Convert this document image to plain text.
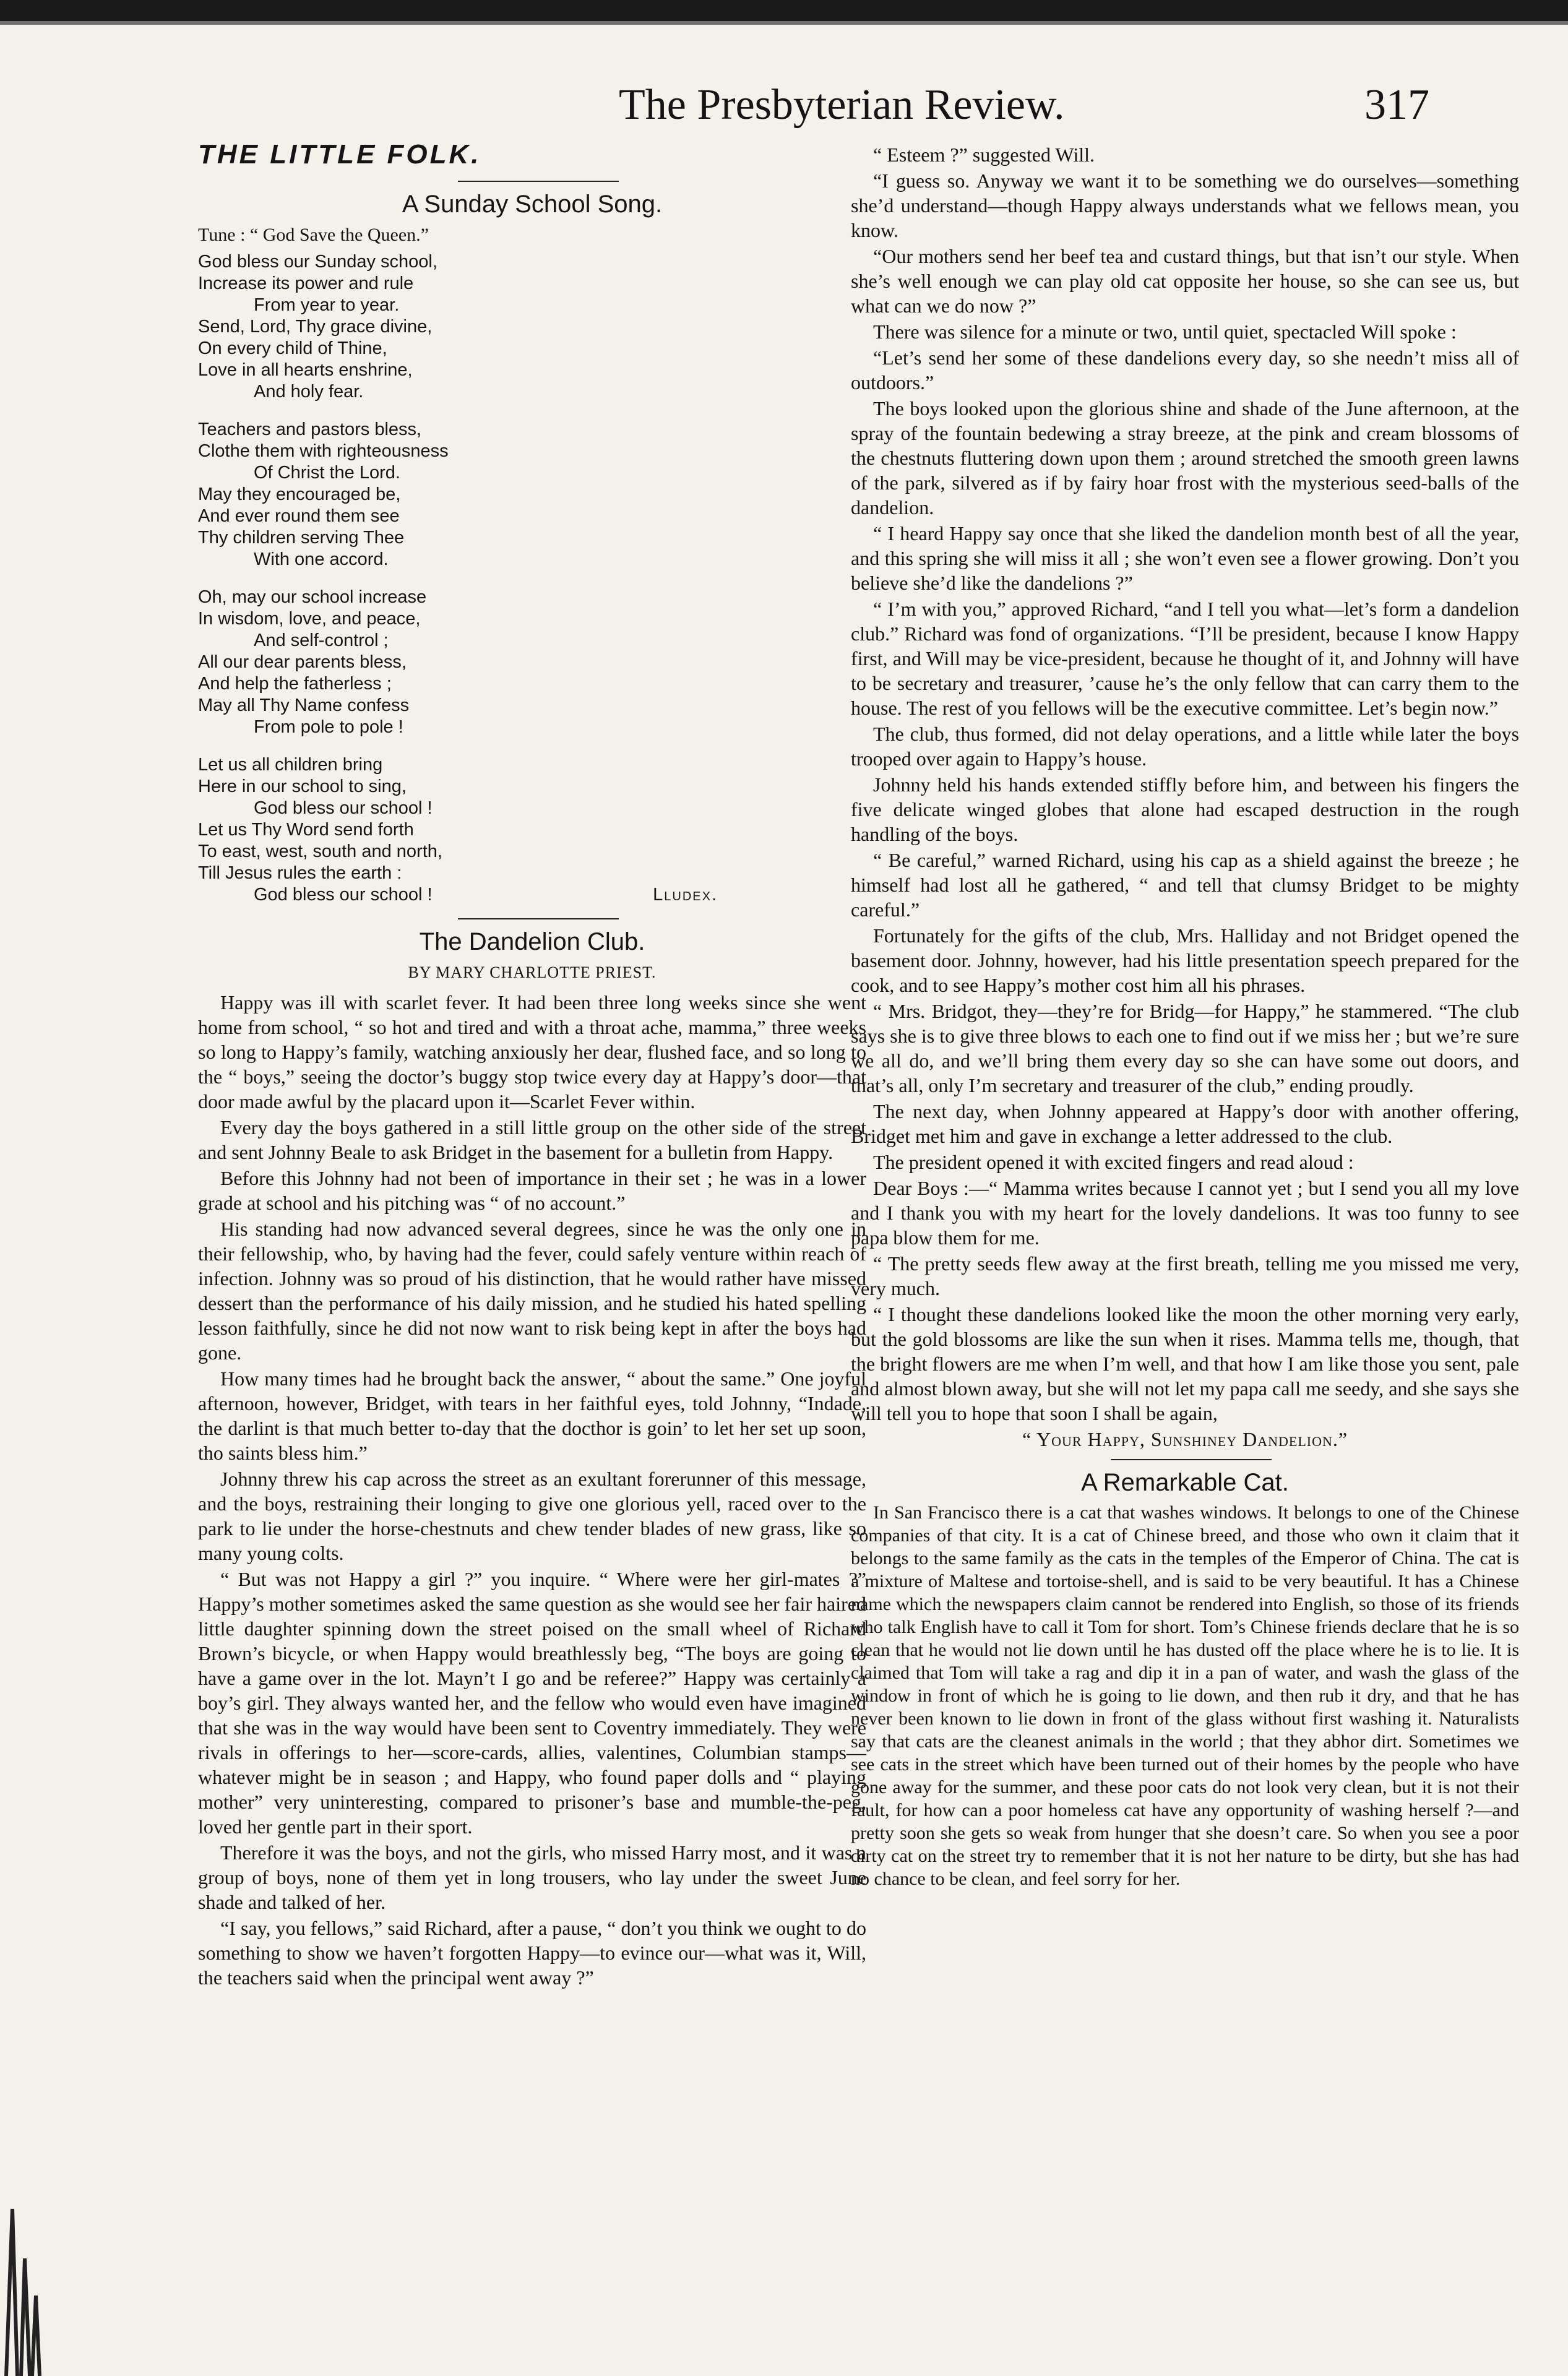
The Presbyterian Review.	317
THE LITTLE FOLK.
A Sunday School Song.
Tune : “ God Save the Queen.”
God bless our Sunday school,
Increase its power and rule
From year to year.
Send, Lord, Thy grace divine,
On every child of Thine,
Love in all hearts enshrine,
And holy fear.
Teachers and pastors bless,
Clothe them with righteousness
Of Christ the Lord.
May they encouraged be,
And ever round them see
Thy children serving Thee
With one accord.
Oh, may our school increase
In wisdom, love, and peace,
And self-control ;
All our dear parents bless,
And help the fatherless ;
May all Thy Name confess
From pole to pole !
Let us all children bring
Here in our school to sing,
God bless our school !
Let us Thy Word send forth
To east, west, south and north,
Till Jesus rules the earth :
God bless our school !	Lludex.
The Dandelion Club.
BY MARY CHARLOTTE PRIEST.

Happy was ill with scarlet fever. It had been three long weeks since she went home from school, “ so hot and tired and with a throat ache, mamma,” three weeks so long to Happy’s family, watching anxiously her dear, flushed face, and so long to the “ boys,” seeing the doctor’s buggy stop twice every day at Happy’s door—that door made awful by the placard upon it—Scarlet Fever within.

Every day the boys gathered in a still little group on the other side of the street and sent Johnny Beale to ask Bridget in the basement for a bulletin from Happy.

Before this Johnny had not been of importance in their set ; he was in a lower grade at school and his pitching was “ of no account.”

His standing had now advanced several degrees, since he was the only one in their fellowship, who, by having had the fever, could safely venture within reach of infection. Johnny was so proud of his distinction, that he would rather have missed dessert than the performance of his daily mission, and he studied his hated spelling lesson faithfully, since he did not now want to risk being kept in after the boys had gone.

How many times had he brought back the answer, “ about the same.” One joyful afternoon, however, Bridget, with tears in her faithful eyes, told Johnny, “Indade, the darlint is that much better to-day that the docthor is goin’ to let her set up soon, tho saints bless him.”

Johnny threw his cap across the street as an exultant forerunner of this message, and the boys, restraining their longing to give one glorious yell, raced over to the park to lie under the horse-chestnuts and chew tender blades of new grass, like so many young colts.

“ But was not Happy a girl ?” you inquire. “ Where were her girl-mates ?” Happy’s mother sometimes asked the same question as she would see her fair haired little daughter spinning down the street poised on the small wheel of Richard Brown’s bicycle, or when Happy would breathlessly beg, “The boys are going to have a game over in the lot. Mayn’t I go and be referee?” Happy was certainly a boy’s girl. They always wanted her, and the fellow who would even have imagined that she was in the way would have been sent to Coventry immediately. They were rivals in offerings to her—score-cards, allies, valentines, Columbian stamps—whatever might be in season ; and Happy, who found paper dolls and “ playing mother” very uninteresting, compared to prisoner’s base and mumble-the-peg, loved her gentle part in their sport.

Therefore it was the boys, and not the girls, who missed Harry most, and it was a group of boys, none of them yet in long trousers, who lay under the sweet June shade and talked of her.

“I say, you fellows,” said Richard, after a pause, “ don’t you think we ought to do something to show we haven’t forgotten Happy—to evince our—what was it, Will, the teachers said when the principal went away ?”

“ Esteem ?” suggested Will.

“I guess so. Anyway we want it to be something we do ourselves—something she’d understand—though Happy always understands what we fellows mean, you know.

“Our mothers send her beef tea and custard things, but that isn’t our style. When she’s well enough we can play old cat opposite her house, so she can see us, but what can we do now ?”

There was silence for a minute or two, until quiet, spectacled Will spoke :

“Let’s send her some of these dandelions every day, so she needn’t miss all of outdoors.”

The boys looked upon the glorious shine and shade of the June afternoon, at the spray of the fountain bedewing a stray breeze, at the pink and cream blossoms of the chestnuts fluttering down upon them ; around stretched the smooth green lawns of the park, silvered as if by fairy hoar frost with the mysterious seed-balls of the dandelion.

“ I heard Happy say once that she liked the dandelion month best of all the year, and this spring she will miss it all ; she won’t even see a flower growing. Don’t you believe she’d like the dandelions ?”

“ I’m with you,” approved Richard, “and I tell you what—let’s form a dandelion club.” Richard was fond of organizations. “I’ll be president, because I know Happy first, and Will may be vice-president, because he thought of it, and Johnny will have to be secretary and treasurer, ’cause he’s the only fellow that can carry them to the house. The rest of you fellows will be the executive committee. Let’s begin now.”

The club, thus formed, did not delay operations, and a little while later the boys trooped over again to Happy’s house.

Johnny held his hands extended stiffly before him, and between his fingers the five delicate winged globes that alone had escaped destruction in the rough handling of the boys.

“ Be careful,” warned Richard, using his cap as a shield against the breeze ; he himself had lost all he gathered, “ and tell that clumsy Bridget to be mighty careful.”

Fortunately for the gifts of the club, Mrs. Halliday and not Bridget opened the basement door. Johnny, however, had his little presentation speech prepared for the cook, and to see Happy’s mother cost him all his phrases.

“ Mrs. Bridgot, they—they’re for Bridg—for Happy,” he stammered. “The club says she is to give three blows to each one to find out if we miss her ; but we’re sure we all do, and we’ll bring them every day so she can have some out doors, and that’s all, only I’m secretary and treasurer of the club,” ending proudly.

The next day, when Johnny appeared at Happy’s door with another offering, Bridget met him and gave in exchange a letter addressed to the club.

The president opened it with excited fingers and read aloud :

Dear Boys :—“ Mamma writes because I cannot yet ; but I send you all my love and I thank you with my heart for the lovely dandelions. It was too funny to see papa blow them for me.

“ The pretty seeds flew away at the first breath, telling me you missed me very, very much.

“ I thought these dandelions looked like the moon the other morning very early, but the gold blossoms are like the sun when it rises. Mamma tells me, though, that the bright flowers are me when I’m well, and that how I am like those you sent, pale and almost blown away, but she will not let my papa call me seedy, and she says she will tell you to hope that soon I shall be again,

“ Your Happy, Sunshiney Dandelion.”
A Remarkable Cat.

In San Francisco there is a cat that washes windows. It belongs to one of the Chinese companies of that city. It is a cat of Chinese breed, and those who own it claim that it belongs to the same family as the cats in the temples of the Emperor of China. The cat is a mixture of Maltese and tortoise-shell, and is said to be very beautiful. It has a Chinese name which the newspapers claim cannot be rendered into English, so those of its friends who talk English have to call it Tom for short. Tom’s Chinese friends declare that he is so clean that he would not lie down until he has dusted off the place where he is to lie. It is claimed that Tom will take a rag and dip it in a pan of water, and wash the glass of the window in front of which he is going to lie down, and then rub it dry, and that he has never been known to lie down in front of the glass without first washing it. Naturalists say that cats are the cleanest animals in the world ; that they abhor dirt. Sometimes we see cats in the street which have been turned out of their homes by the people who have gone away for the summer, and these poor cats do not look very clean, but it is not their fault, for how can a poor homeless cat have any opportunity of washing herself ?—and pretty soon she gets so weak from hunger that she doesn’t care. So when you see a poor dirty cat on the street try to remember that it is not her nature to be dirty, but she has had no chance to be clean, and feel sorry for her.
